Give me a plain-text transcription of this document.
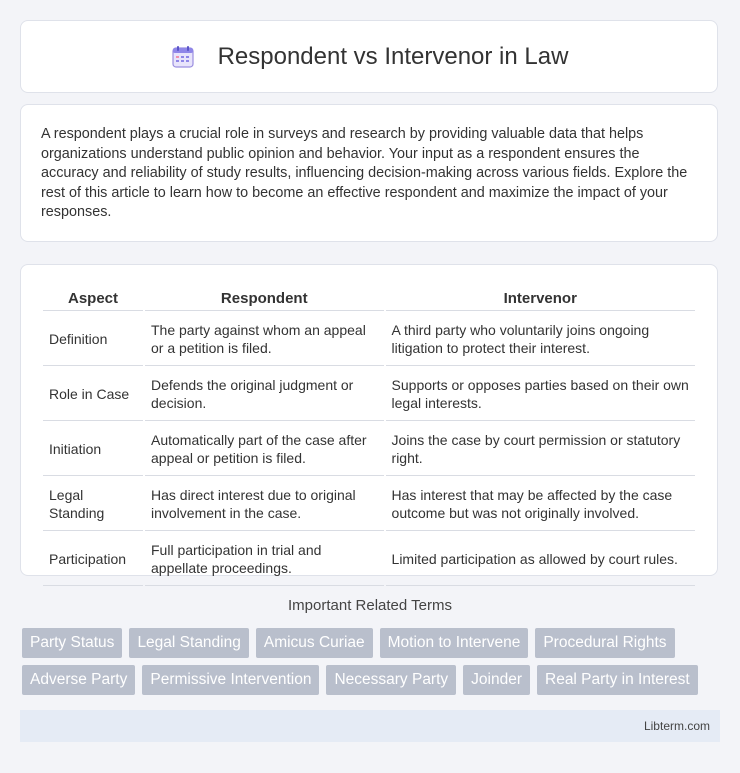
Respondent vs Intervenor in Law

A respondent plays a crucial role in surveys and research by providing valuable data that helps organizations understand public opinion and behavior. Your input as a respondent ensures the accuracy and reliability of study results, influencing decision-making across various fields. Explore the rest of this article to learn how to become an effective respondent and maximize the impact of your responses.

Aspect	Respondent	Intervenor
Definition	The party against whom an appeal or a petition is filed.	A third party who voluntarily joins ongoing litigation to protect their interest.
Role in Case	Defends the original judgment or decision.	Supports or opposes parties based on their own legal interests.
Initiation	Automatically part of the case after appeal or petition is filed.	Joins the case by court permission or statutory right.
Legal Standing	Has direct interest due to original involvement in the case.	Has interest that may be affected by the case outcome but was not originally involved.
Participation	Full participation in trial and appellate proceedings.	Limited participation as allowed by court rules.
Important Related Terms
Party Status	Legal Standing	Amicus Curiae	Motion to Intervene	Procedural Rights
Adverse Party	Permissive Intervention	Necessary Party	Joinder	Real Party in Interest
Libterm.com
